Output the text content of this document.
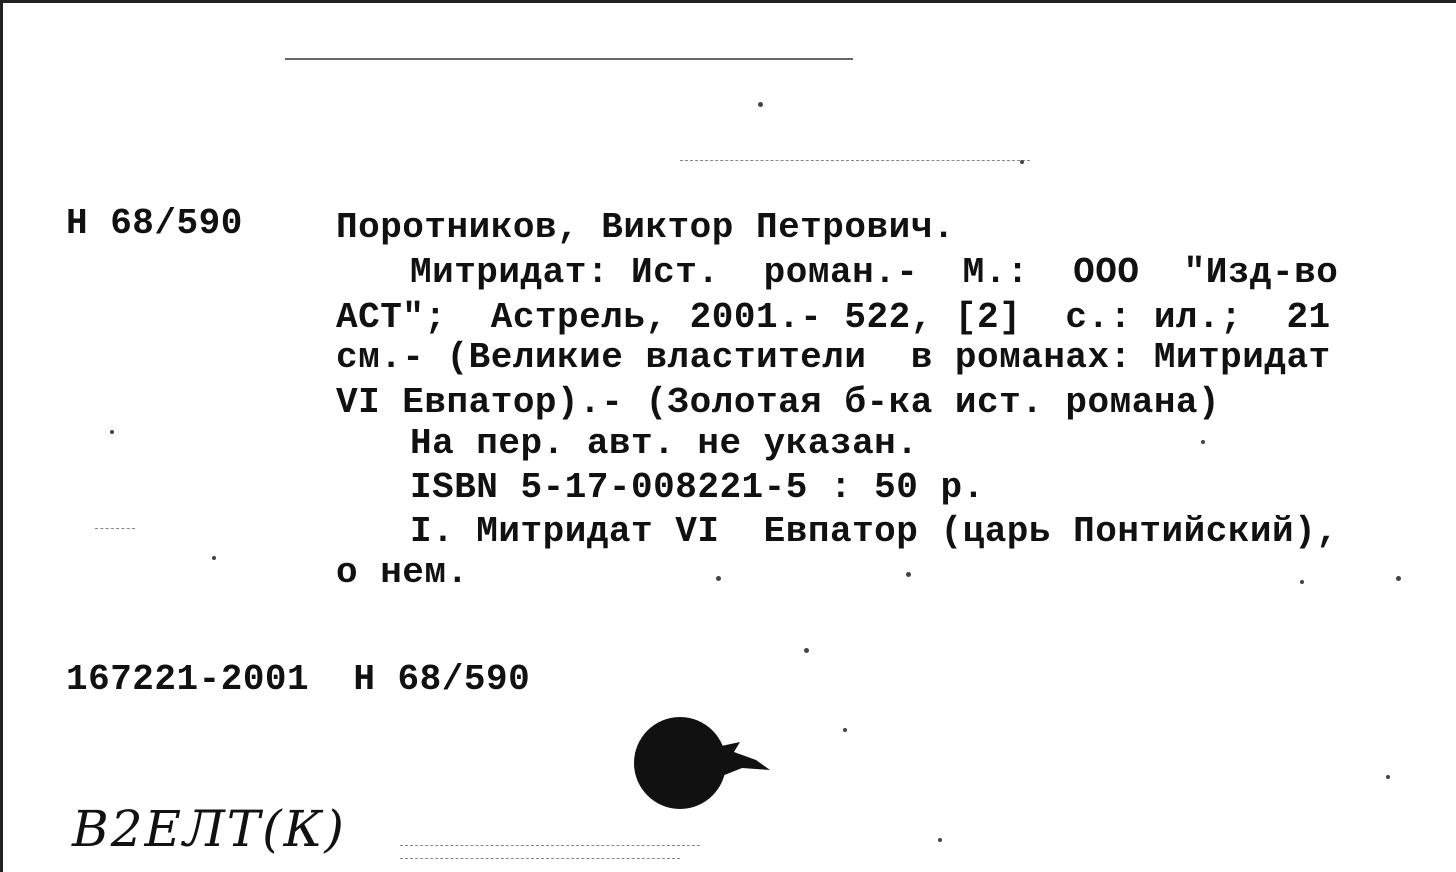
Н 68/590	Поротников, Виктор Петрович.
Митридат: Ист.  роман.-  М.:  ООО  "Изд-во
АСТ";  Астрель, 2001.- 522, [2]  с.: ил.;  21
см.- (Великие властители  в романах: Митридат
VI Евпатор).- (Золотая б-ка ист. романа)
На пер. авт. не указан.
ISBN 5-17-008221-5 : 50 р.
I. Митридат VI  Евпатор (царь Понтийский),
о нем.
167221-2001  Н 68/590
В2ЕЛТ(К)
